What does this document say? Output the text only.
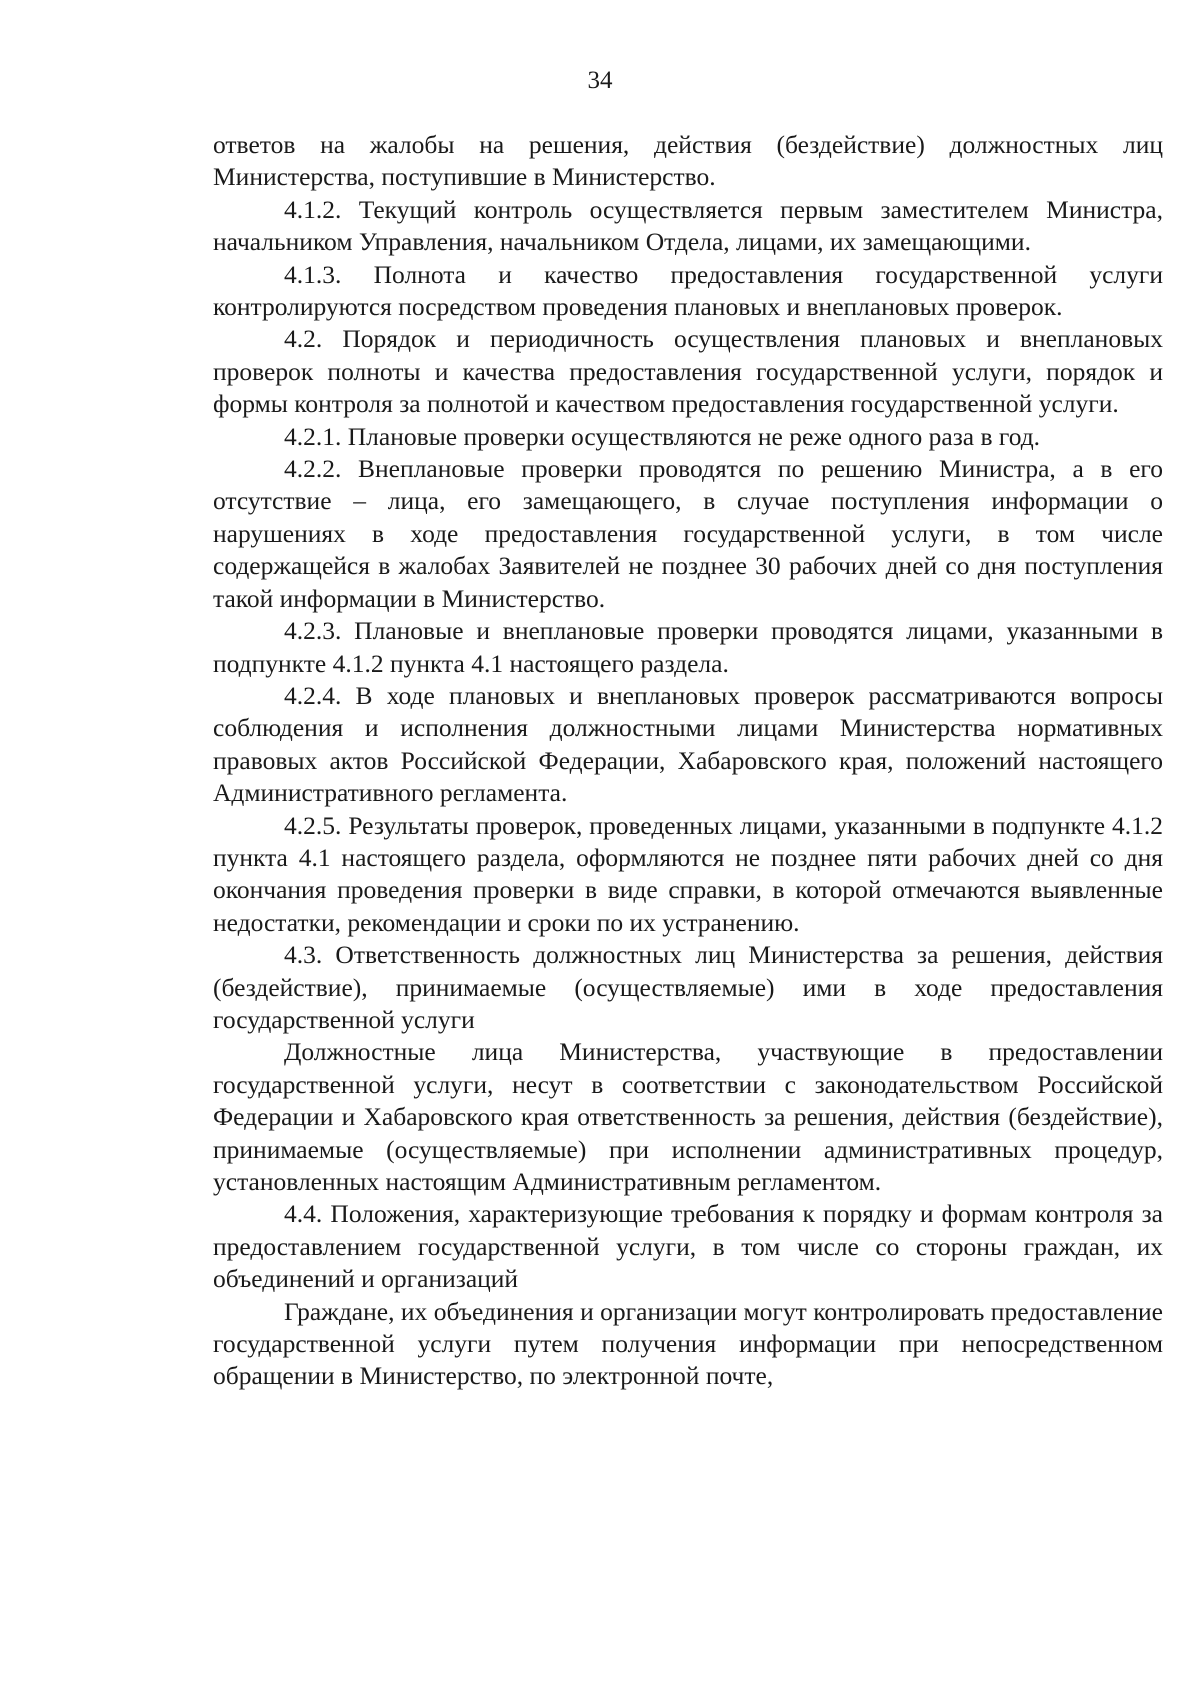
34

ответов на жалобы на решения, действия (бездействие) должностных лиц Министерства, поступившие в Министерство.

4.1.2. Текущий контроль осуществляется первым заместителем Министра, начальником Управления, начальником Отдела, лицами, их замещающими.

4.1.3. Полнота и качество предоставления государственной услуги контролируются посредством проведения плановых и внеплановых проверок.

4.2. Порядок и периодичность осуществления плановых и внеплановых проверок полноты и качества предоставления государственной услуги, порядок и формы контроля за полнотой и качеством предоставления государственной услуги.

4.2.1. Плановые проверки осуществляются не реже одного раза в год.

4.2.2. Внеплановые проверки проводятся по решению Министра, а в его отсутствие – лица, его замещающего, в случае поступления информации о нарушениях в ходе предоставления государственной услуги, в том числе содержащейся в жалобах Заявителей не позднее 30 рабочих дней со дня поступления такой информации в Министерство.

4.2.3. Плановые и внеплановые проверки проводятся лицами, указанными в подпункте 4.1.2 пункта 4.1 настоящего раздела.

4.2.4. В ходе плановых и внеплановых проверок рассматриваются вопросы соблюдения и исполнения должностными лицами Министерства нормативных правовых актов Российской Федерации, Хабаровского края, положений настоящего Административного регламента.

4.2.5. Результаты проверок, проведенных лицами, указанными в подпункте 4.1.2 пункта 4.1 настоящего раздела, оформляются не позднее пяти рабочих дней со дня окончания проведения проверки в виде справки, в которой отмечаются выявленные недостатки, рекомендации и сроки по их устранению.

4.3. Ответственность должностных лиц Министерства за решения, действия (бездействие), принимаемые (осуществляемые) ими в ходе предоставления государственной услуги

Должностные лица Министерства, участвующие в предоставлении государственной услуги, несут в соответствии с законодательством Российской Федерации и Хабаровского края ответственность за решения, действия (бездействие), принимаемые (осуществляемые) при исполнении административных процедур, установленных настоящим Административным регламентом.

4.4. Положения, характеризующие требования к порядку и формам контроля за предоставлением государственной услуги, в том числе со стороны граждан, их объединений и организаций

Граждане, их объединения и организации могут контролировать предоставление государственной услуги путем получения информации при непосредственном обращении в Министерство, по электронной почте,
